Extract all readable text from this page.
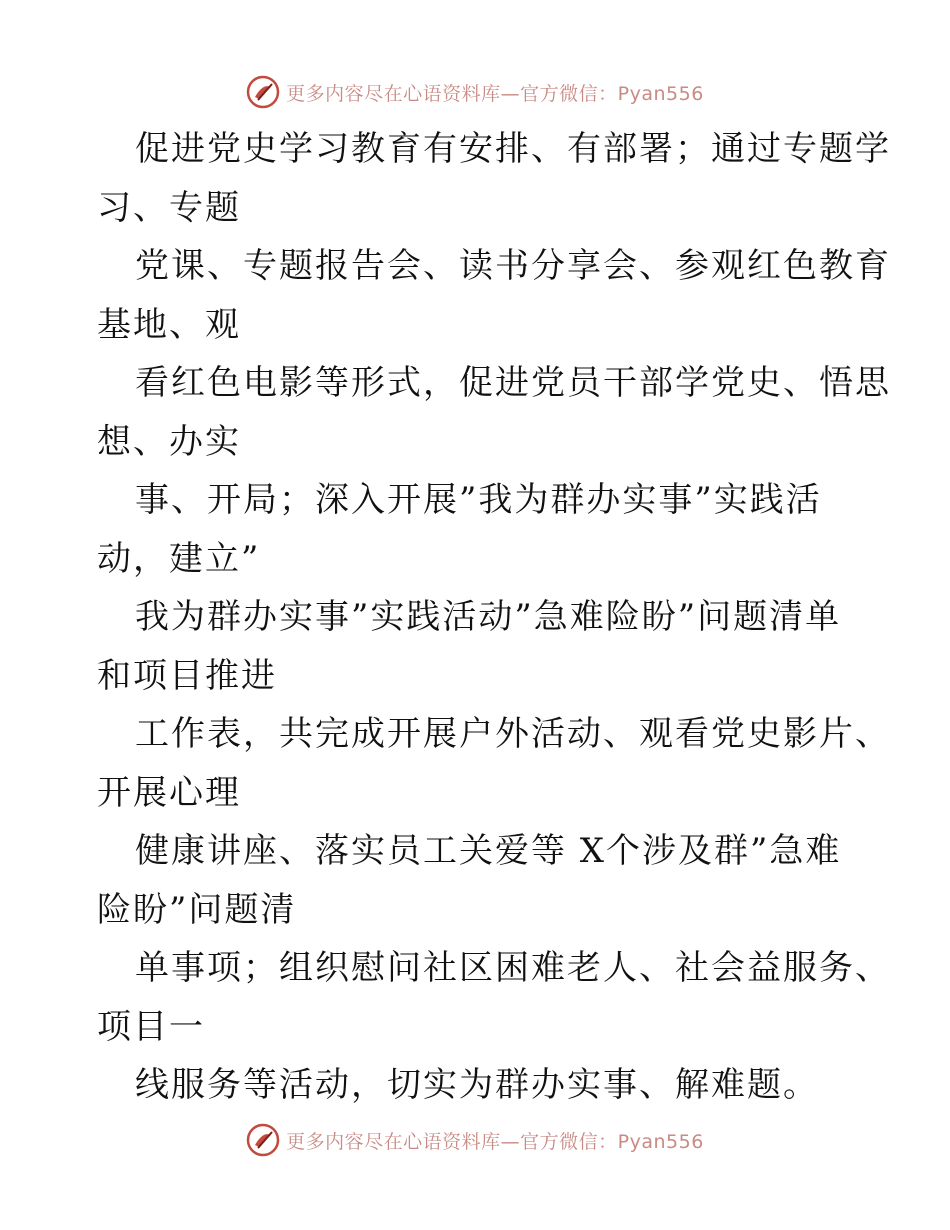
更多内容尽在心语资料库—官方微信：Pyan556
促进党史学习教育有安排、有部署；通过专题学
习、专题
党课、专题报告会、读书分享会、参观红色教育
基地、观
看红色电影等形式，促进党员干部学党史、悟思
想、办实
事、开局；深入开展”我为群办实事”实践活
动，建立”
我为群办实事”实践活动”急难险盼”问题清单
和项目推进
工作表，共完成开展户外活动、观看党史影片、
开展心理
健康讲座、落实员工关爱等 X个涉及群”急难
险盼”问题清
单事项；组织慰问社区困难老人、社会益服务、
项目一
线服务等活动，切实为群办实事、解难题。
更多内容尽在心语资料库—官方微信：Pyan556
